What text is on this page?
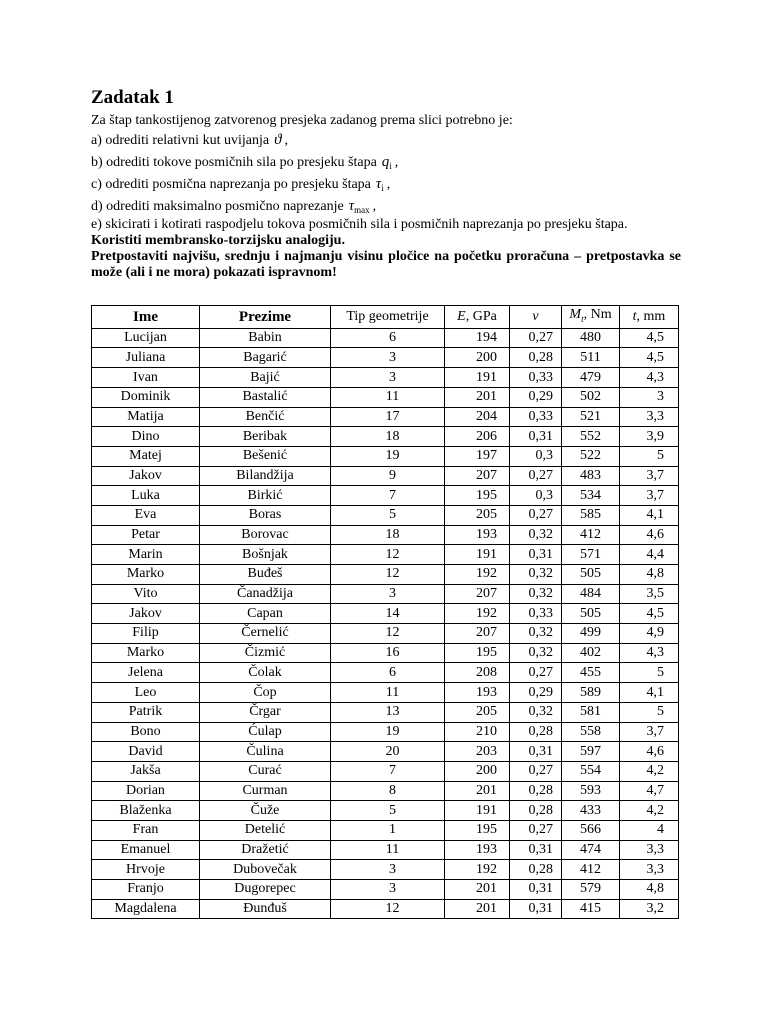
Zadatak 1
Za štap tankostijenog zatvorenog presjeka zadanog prema slici potrebno je:
a) odrediti relativni kut uvijanja ϑ ,
b) odrediti tokove posmičnih sila po presjeku štapa $q_i$ ,
c) odrediti posmična naprezanja po presjeku štapa $\tau_i$ ,
d) odrediti maksimalno posmično naprezanje $\tau_{max}$ ,
e) skicirati i kotirati raspodjelu tokova posmičnih sila i posmičnih naprezanja po presjeku štapa.
Koristiti membransko-torzijsku analogiju.
Pretpostaviti najvišu, srednju i najmanju visinu pločice na početku proračuna – pretpostavka se može (ali i ne mora) pokazati ispravnom!
Ime	Prezime	Tip geometrije	E, GPa	ν	$M_t$, Nm	t, mm
Lucijan	Babin	6	194	0,27	480	4,5
Juliana	Bagarić	3	200	0,28	511	4,5
Ivan	Bajić	3	191	0,33	479	4,3
Dominik	Bastalić	11	201	0,29	502	3
Matija	Benčić	17	204	0,33	521	3,3
Dino	Beribak	18	206	0,31	552	3,9
Matej	Bešenić	19	197	0,3	522	5
Jakov	Bilandžija	9	207	0,27	483	3,7
Luka	Birkić	7	195	0,3	534	3,7
Eva	Boras	5	205	0,27	585	4,1
Petar	Borovac	18	193	0,32	412	4,6
Marin	Bošnjak	12	191	0,31	571	4,4
Marko	Buđeš	12	192	0,32	505	4,8
Vito	Čanadžija	3	207	0,32	484	3,5
Jakov	Capan	14	192	0,33	505	4,5
Filip	Černelić	12	207	0,32	499	4,9
Marko	Čizmić	16	195	0,32	402	4,3
Jelena	Čolak	6	208	0,27	455	5
Leo	Čop	11	193	0,29	589	4,1
Patrik	Črgar	13	205	0,32	581	5
Bono	Ćulap	19	210	0,28	558	3,7
David	Čulina	20	203	0,31	597	4,6
Jakša	Curać	7	200	0,27	554	4,2
Dorian	Curman	8	201	0,28	593	4,7
Blaženka	Čuže	5	191	0,28	433	4,2
Fran	Detelić	1	195	0,27	566	4
Emanuel	Dražetić	11	193	0,31	474	3,3
Hrvoje	Dubovečak	3	192	0,28	412	3,3
Franjo	Dugorepec	3	201	0,31	579	4,8
Magdalena	Đunđuš	12	201	0,31	415	3,2
